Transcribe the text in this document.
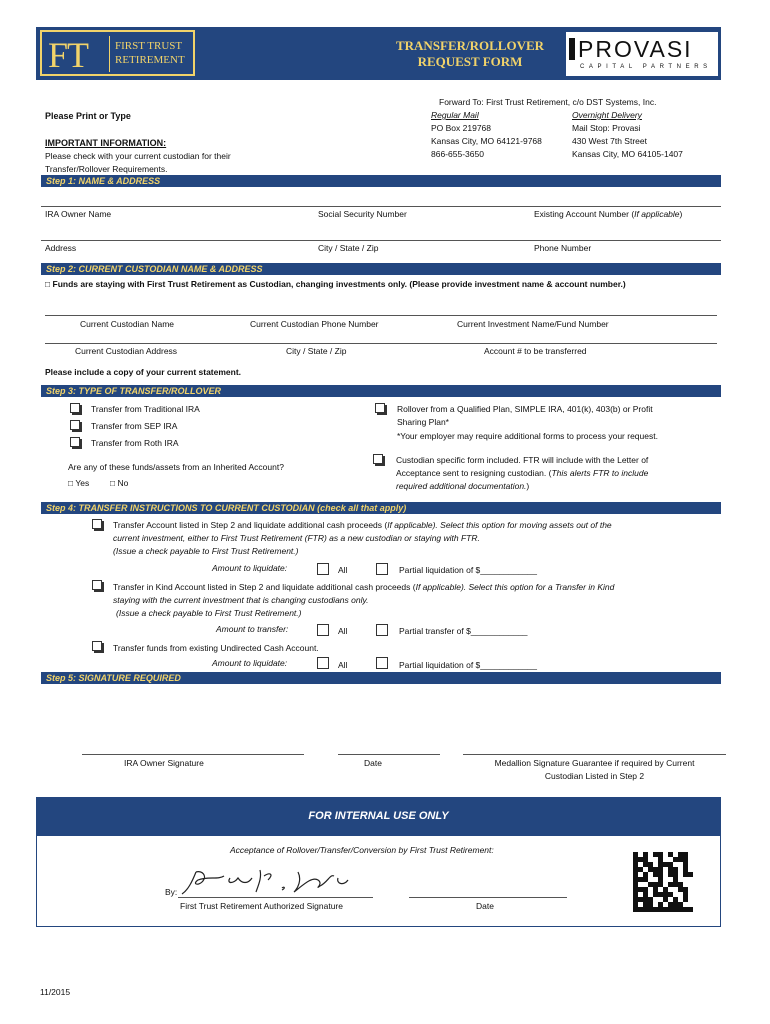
FT FIRST TRUST
RETIREMENT
TRANSFER/ROLLOVER
REQUEST FORM	PROVASI
CAPITAL PARTNERS
Please Print or Type
IMPORTANT INFORMATION:
Please check with your current custodian for their
Transfer/Rollover Requirements.
Forward To: First Trust Retirement, c/o DST Systems, Inc.
Regular Mail
PO Box 219768
Kansas City, MO 64121-9768
866-655-3650
Overnight Delivery
Mail Stop: Provasi
430 West 7th Street
Kansas City, MO 64105-1407
Step 1: NAME & ADDRESS
IRA Owner Name	Social Security Number	Existing Account Number (If applicable)
Address	City / State / Zip	Phone Number
Step 2: CURRENT CUSTODIAN NAME & ADDRESS
□ Funds are staying with First Trust Retirement as Custodian, changing investments only. (Please provide investment name & account number.)
Current Custodian Name	Current Custodian Phone Number	Current Investment Name/Fund Number
Current Custodian Address	City / State / Zip	Account # to be transferred
Please include a copy of your current statement.
Step 3: TYPE OF TRANSFER/ROLLOVER
Transfer from Traditional IRA
Transfer from SEP IRA
Transfer from Roth IRA
Rollover from a Qualified Plan, SIMPLE IRA, 401(k), 403(b) or Profit
Sharing Plan*
*Your employer may require additional forms to process your request.
Are any of these funds/assets from an Inherited Account?
□ Yes □ No
Custodian specific form included. FTR will include with the Letter of
Acceptance sent to resigning custodian. (This alerts FTR to include
required additional documentation.)
Step 4: TRANSFER INSTRUCTIONS TO CURRENT CUSTODIAN (check all that apply)
Transfer Account listed in Step 2 and liquidate additional cash proceeds (If applicable). Select this option for moving assets out of the
current investment, either to First Trust Retirement (FTR) as a new custodian or staying with FTR.
(Issue a check payable to First Trust Retirement.)
Amount to liquidate:	All	Partial liquidation of $____________
Transfer in Kind Account listed in Step 2 and liquidate additional cash proceeds (If applicable). Select this option for a Transfer in Kind
staying with the current investment that is changing custodians only.
(Issue a check payable to First Trust Retirement.)
Amount to transfer:	All	Partial transfer of $____________
Transfer funds from existing Undirected Cash Account.
Amount to liquidate:	All	Partial liquidation of $____________
Step 5: SIGNATURE REQUIRED
IRA Owner Signature	Date	Medallion Signature Guarantee if required by Current
Custodian Listed in Step 2
FOR INTERNAL USE ONLY
Acceptance of Rollover/Transfer/Conversion by First Trust Retirement:
By:
First Trust Retirement Authorized Signature	Date
11/2015
